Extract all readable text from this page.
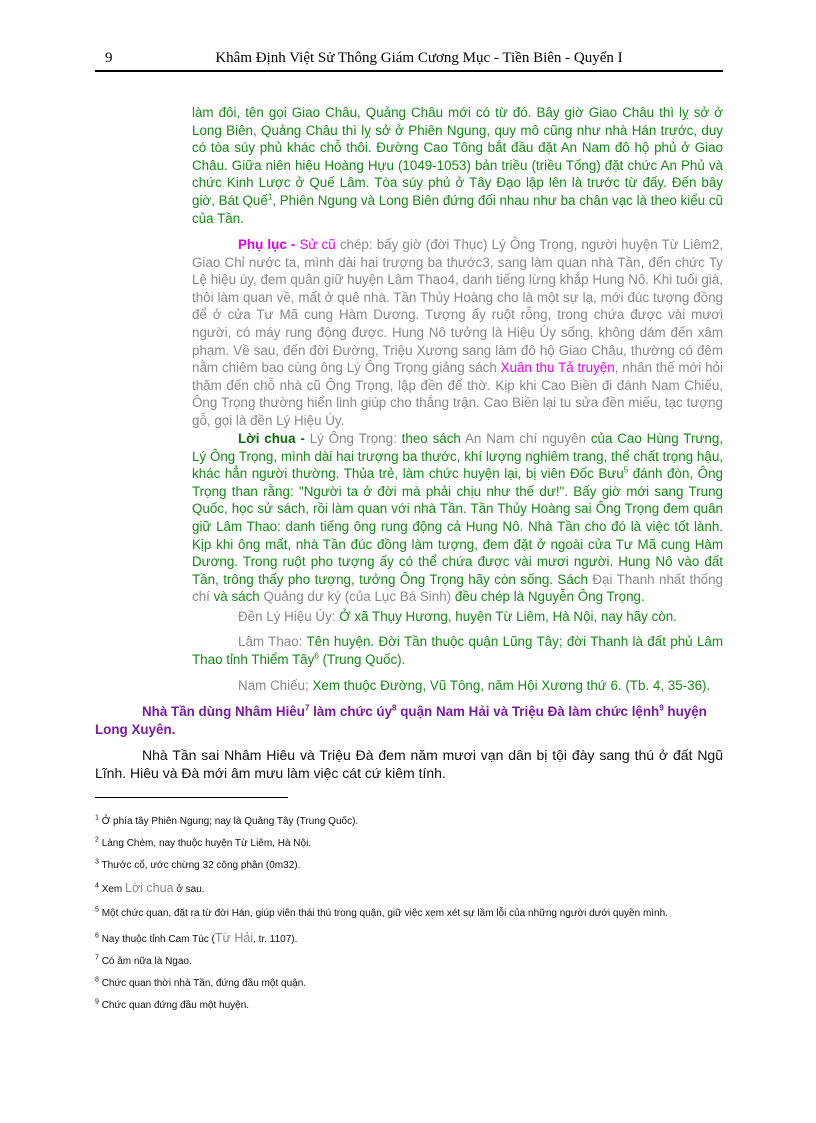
9	Khâm Định Việt Sử Thông Giám Cương Mục - Tiền Biên - Quyển I
làm đôi, tên gọi Giao Châu, Quảng Châu mới có từ đó. Bây giờ Giao Châu thì lỵ sở ở Long Biên, Quảng Châu thì lỵ sở ở Phiên Ngung, quy mô cũng như nhà Hán trước, duy có tòa súy phủ khác chỗ thôi. Đường Cao Tông bắt đầu đặt An Nam đô hộ phủ ở Giao Châu. Giữa niên hiệu Hoàng Hựu (1049-1053) bản triều (triều Tống) đặt chức An Phủ và chức Kinh Lược ở Quế Lâm. Tòa súy phủ ở Tây Đạo lập lên là trước từ đấy. Đến bây giờ, Bát Quế$^1$, Phiên Ngung và Long Biên đứng đối nhau như ba chân vạc là theo kiểu cũ của Tần.
Phụ lục - Sử cũ chép: bấy giờ (đời Thục) Lý Ông Trọng, người huyện Từ Liêm2, Giao Chỉ nước ta, mình dài hai trượng ba thước3, sang làm quan nhà Tần, đến chức Ty Lệ hiệu úy, đem quân giữ huyện Lâm Thao4, danh tiếng lừng khắp Hung Nô. Khi tuổi già, thôi làm quan về, mất ở quê nhà. Tần Thủy Hoàng cho là một sự lạ, mới đúc tượng đồng để ở cửa Tư Mã cung Hàm Dương. Tượng ấy ruột rỗng, trong chứa được vài mươi người, có máy rung động được. Hung Nô tưởng là Hiệu Úy sống, không dám đến xâm phạm. Về sau, đến đời Đường, Triệu Xương sang làm đô hộ Giao Châu, thường có đêm nằm chiêm bao cùng ông Lý Ông Trọng giảng sách Xuân thu Tả truyện, nhân thế mới hỏi thăm đến chỗ nhà cũ Ông Trọng, lập đền để thờ. Kịp khi Cao Biền đi đánh Nam Chiếu, Ông Trọng thường hiển linh giúp cho thắng trận. Cao Biền lại tu sửa đền miếu, tạc tượng gỗ, gọi là đền Lý Hiệu Úy.
Lời chua - Lý Ông Trọng: theo sách An Nam chí nguyên của Cao Hùng Trưng, Lý Ông Trọng, mình dài hai trượng ba thước, khí lượng nghiêm trang, thể chất trọng hậu, khác hẳn người thường. Thủa trẻ, làm chức huyện lại, bị viên Đốc Bưu$^5$ đánh đòn, Ông Trọng than rằng: "Người ta ở đời mà phải chịu như thế dư!". Bấy giờ mới sang Trung Quốc, học sử sách, rồi làm quan với nhà Tần. Tần Thủy Hoàng sai Ông Trọng đem quân giữ Lâm Thao: danh tiếng ông rung động cả Hung Nô. Nhà Tần cho đó là việc tốt lành. Kịp khi ông mất, nhà Tần đúc đồng làm tượng, đem đặt ở ngoài cửa Tư Mã cung Hàm Dương. Trong ruột pho tượng ấy có thể chứa được vài mươi người. Hung Nô vào đất Tần, trông thấy pho tượng, tưởng Ông Trọng hãy còn sống. Sách Đại Thanh nhất thống chí và sách Quảng dư ký (của Lục Bá Sinh) đều chép là Nguyễn Ông Trọng.
Đền Lý Hiệu Úy: Ở xã Thụy Hương, huyện Từ Liêm, Hà Nội, nay hãy còn.
Lâm Thao: Tên huyện. Đời Tần thuộc quận Lũng Tây; đời Thanh là đất phủ Lâm Thao tỉnh Thiểm Tây$^6$ (Trung Quốc).
Nam Chiếu; Xem thuộc Đường, Vũ Tông, năm Hội Xương thứ 6. (Tb. 4, 35-36).
Nhà Tần dùng Nhâm Hiêu$^7$ làm chức $úy^8$ quận Nam Hải và Triệu Đà làm chức lệnh$^9$ huyện Long Xuyên.
Nhà Tần sai Nhâm Hiêu và Triệu Đà đem năm mươi vạn dân bị tội đày sang thú ở đất Ngũ Lĩnh. Hiêu và Đà mới âm mưu làm việc cát cứ kiêm tính.
$^1$ Ở phía tây Phiên Ngung; nay là Quảng Tây (Trung Quốc).
$^2$ Làng Chèm, nay thuộc huyện Từ Liêm, Hà Nội.
$^3$ Thước cổ, ước chừng 32 công phân (0m32).
$^4$ Xem Lời chua ở sau.
$^5$ Một chức quan, đặt ra từ đời Hán, giúp viên thái thú trong quận, giữ việc xem xét sự lầm lỗi của những người dưới quyền mình.
$^6$ Nay thuộc tỉnh Cam Túc (Từ Hải, tr. 1107).
$^7$ Có âm nữa là Ngao.
$^8$ Chức quan thời nhà Tần, đứng đầu một quận.
$^9$ Chức quan đứng đầu một huyện.
